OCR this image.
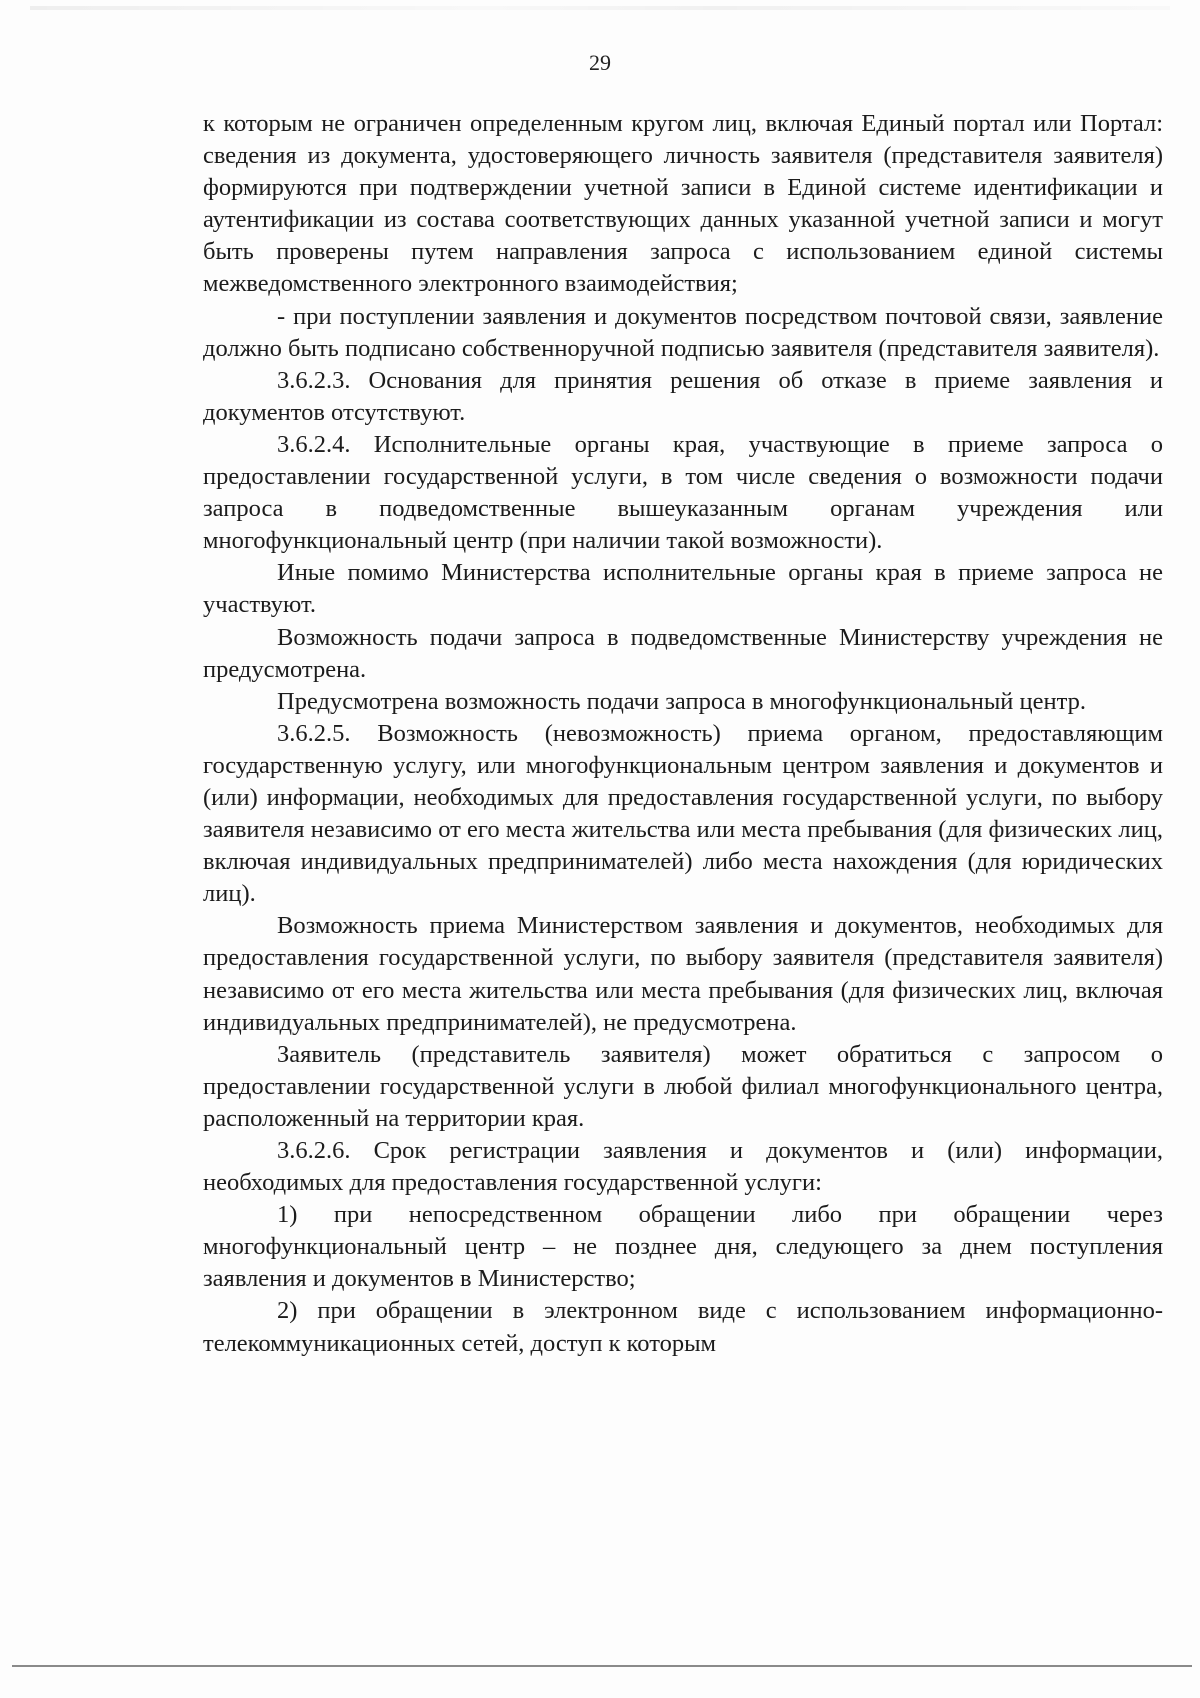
29

к которым не ограничен определенным кругом лиц, включая Единый портал или Портал: сведения из документа, удостоверяющего личность заявителя (представителя заявителя) формируются при подтверждении учетной записи в Единой системе идентификации и аутентификации из состава соответствующих данных указанной учетной записи и могут быть проверены путем направления запроса с использованием единой системы межведомственного электронного взаимодействия;

- при поступлении заявления и документов посредством почтовой связи, заявление должно быть подписано собственноручной подписью заявителя (представителя заявителя).

3.6.2.3. Основания для принятия решения об отказе в приеме заявления и документов отсутствуют.

3.6.2.4. Исполнительные органы края, участвующие в приеме запроса о предоставлении государственной услуги, в том числе сведения о возможности подачи запроса в подведомственные вышеуказанным органам учреждения или многофункциональный центр (при наличии такой возможности).

Иные помимо Министерства исполнительные органы края в приеме запроса не участвуют.

Возможность подачи запроса в подведомственные Министерству учреждения не предусмотрена.

Предусмотрена возможность подачи запроса в многофункциональный центр.

3.6.2.5. Возможность (невозможность) приема органом, предоставляющим государственную услугу, или многофункциональным центром заявления и документов и (или) информации, необходимых для предоставления государственной услуги, по выбору заявителя независимо от его места жительства или места пребывания (для физических лиц, включая индивидуальных предпринимателей) либо места нахождения (для юридических лиц).

Возможность приема Министерством заявления и документов, необходимых для предоставления государственной услуги, по выбору заявителя (представителя заявителя) независимо от его места жительства или места пребывания (для физических лиц, включая индивидуальных предпринимателей), не предусмотрена.

Заявитель (представитель заявителя) может обратиться с запросом о предоставлении государственной услуги в любой филиал многофункционального центра, расположенный на территории края.

3.6.2.6. Срок регистрации заявления и документов и (или) информации, необходимых для предоставления государственной услуги:

1) при непосредственном обращении либо при обращении через многофункциональный центр – не позднее дня, следующего за днем поступления заявления и документов в Министерство;

2) при обращении в электронном виде с использованием информационно-телекоммуникационных сетей, доступ к которым
